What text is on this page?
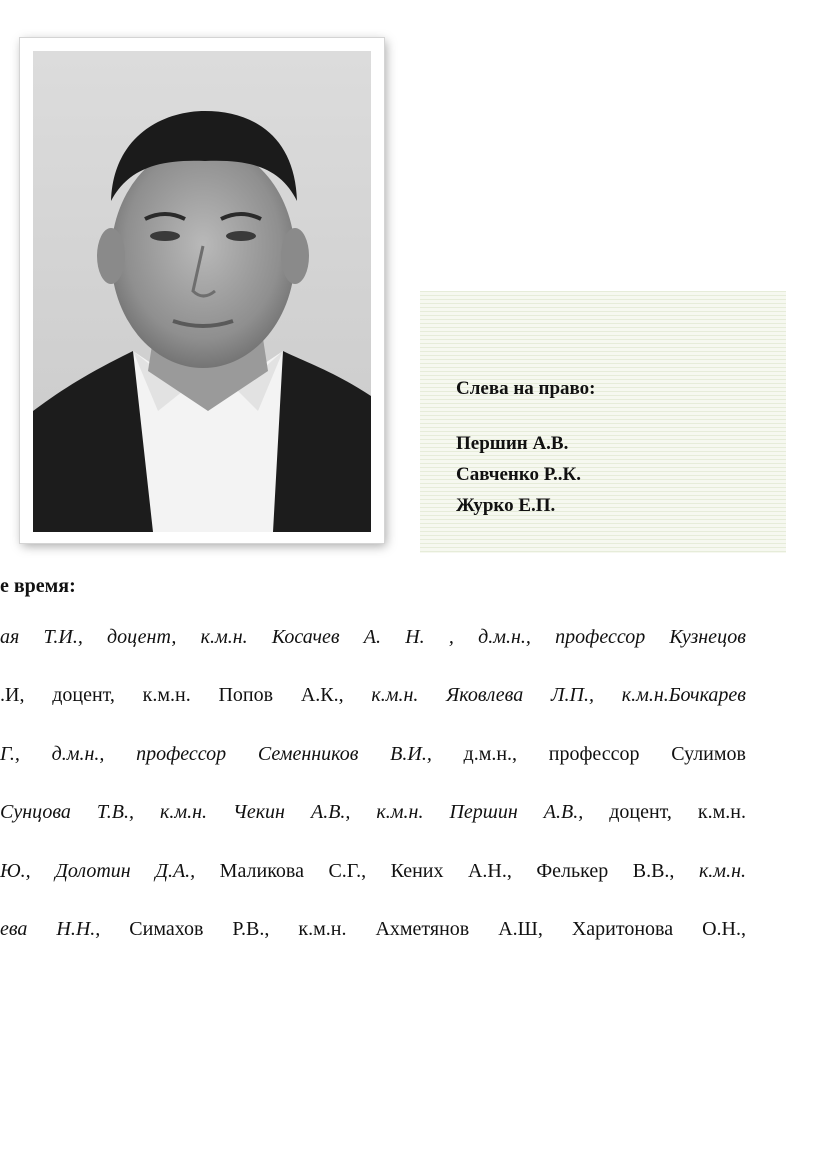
Слева на право:
Першин А.В.
Савченко Р..К.
Журко Е.П.
е время:
ая Т.И., доцент, к.м.н. Косачев А. Н. , д.м.н., профессор Кузнецов
.И, доцент, к.м.н. Попов А.К., к.м.н. Яковлева Л.П., к.м.н.Бочкарев
Г., д.м.н., профессор Семенников В.И., д.м.н., профессор Сулимов
Сунцова Т.В., к.м.н. Чекин А.В., к.м.н. Першин А.В., доцент, к.м.н.
Ю., Долотин Д.А., Маликова С.Г., Кених А.Н., Фелькер В.В., к.м.н.
ева Н.Н., Симахов Р.В., к.м.н. Ахметянов А.Ш, Харитонова О.Н.,
